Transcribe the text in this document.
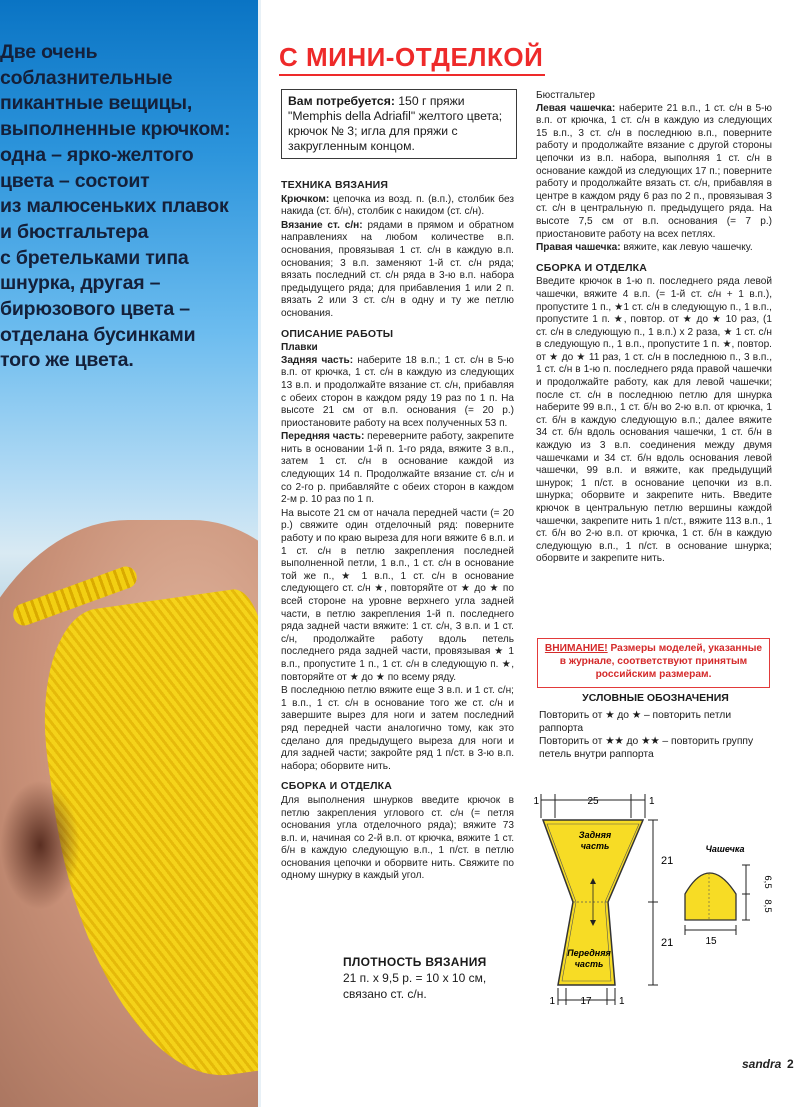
Две очень
соблазнительные
пикантные вещицы,
выполненные крючком:
одна – ярко-желтого
цвета – состоит
из малюсеньких плавок
и бюстгальтера
с бретельками типа
шнурка, другая –
бирюзового цвета –
отделана бусинками
того же цвета.
С МИНИ-ОТДЕЛКОЙ
Вам потребуется: 150 г пряжи "Memphis della Adriafil" желтого цвета; крючок № 3; игла для пряжи с закругленным концом.
ТЕХНИКА ВЯЗАНИЯ

Крючком: цепочка из возд. п. (в.п.), столбик без накида (ст. б/н), столбик с накидом (ст. с/н).

Вязание ст. с/н: рядами в прямом и обратном направлениях на любом количестве в.п. основания, провязывая 1 ст. с/н в каждую в.п. основания; 3 в.п. заменяют 1-й ст. с/н ряда; вязать последний ст. с/н ряда в 3-ю в.п. набора предыдущего ряда; для прибавления 1 или 2 п. вязать 2 или 3 ст. с/н в одну и ту же петлю основания.

ОПИСАНИЕ РАБОТЫ
Плавки

Задняя часть: наберите 18 в.п.; 1 ст. с/н в 5-ю в.п. от крючка, 1 ст. с/н в каждую из следующих 13 в.п. и продолжайте вязание ст. с/н, прибавляя с обеих сторон в каждом ряду 19 раз по 1 п. На высоте 21 см от в.п. основания (= 20 р.) приостановите работу на всех полученных 53 п.

Передняя часть: переверните работу, закрепите нить в основании 1-й п. 1-го ряда, вяжите 3 в.п., затем 1 ст. с/н в основание каждой из следующих 14 п. Продолжайте вязание ст. с/н и со 2-го р. прибавляйте с обеих сторон в каждом 2-м р. 10 раз по 1 п.

На высоте 21 см от начала передней части (= 20 р.) свяжите один отделочный ряд: поверните работу и по краю выреза для ноги вяжите 6 в.п. и 1 ст. с/н в петлю закрепления последней выполненной петли, 1 в.п., 1 ст. с/н в основание той же п., ★ 1 в.п., 1 ст. с/н в основание следующего ст. с/н ★, повторяйте от ★ до ★ по всей стороне на уровне верхнего угла задней части, в петлю закрепления 1-й п. последнего ряда задней части вяжите: 1 ст. с/н, 3 в.п. и 1 ст. с/н, продолжайте работу вдоль петель последнего ряда задней части, провязывая ★ 1 в.п., пропустите 1 п., 1 ст. с/н в следующую п. ★, повторяйте от ★ до ★ по всему ряду.

В последнюю петлю вяжите еще 3 в.п. и 1 ст. с/н; 1 в.п., 1 ст. с/н в основание того же ст. с/н и завершите вырез для ноги и затем последний ряд передней части аналогично тому, как это сделано для предыдущего выреза для ноги и для задней части; закройте ряд 1 п/ст. в 3-ю в.п. набора; оборвите нить.

СБОРКА И ОТДЕЛКА

Для выполнения шнурков введите крючок в петлю закрепления углового ст. с/н (= петля основания угла отделочного ряда); вяжите 73 в.п. и, начиная со 2-й в.п. от крючка, вяжите 1 ст. б/н в каждую следующую в.п., 1 п/ст. в петлю основания цепочки и оборвите нить. Свяжите по одному шнурку в каждый угол.

ПЛОТНОСТЬ ВЯЗАНИЯ
21 п. х 9,5 р. = 10 х 10 см,
связано ст. с/н.
Бюстгальтер

Левая чашечка: наберите 21 в.п., 1 ст. с/н в 5-ю в.п. от крючка, 1 ст. с/н в каждую из следующих 15 в.п., 3 ст. с/н в последнюю в.п., поверните работу и продолжайте вязание с другой стороны цепочки из в.п. набора, выполняя 1 ст. с/н в основание каждой из следующих 17 п.; поверните работу и продолжайте вязать ст. с/н, прибавляя в центре в каждом ряду 6 раз по 2 п., провязывая 3 ст. с/н в центральную п. предыдущего ряда. На высоте 7,5 см от в.п. основания (= 7 р.) приостановите работу на всех петлях.

Правая чашечка: вяжите, как левую чашечку.

СБОРКА И ОТДЕЛКА

Введите крючок в 1-ю п. последнего ряда левой чашечки, вяжите 4 в.п. (= 1-й ст. с/н + 1 в.п.), пропустите 1 п., ★1 ст. с/н в следующую п., 1 в.п., пропустите 1 п. ★, повтор. от ★ до ★ 10 раз, (1 ст. с/н в следующую п., 1 в.п.) х 2 раза, ★ 1 ст. с/н в следующую п., 1 в.п., пропустите 1 п. ★, повтор. от ★ до ★ 11 раз, 1 ст. с/н в последнюю п., 3 в.п., 1 ст. с/н в 1-ю п. последнего ряда правой чашечки и продолжайте работу, как для левой чашечки; после ст. с/н в последнюю петлю для шнурка наберите 99 в.п., 1 ст. б/н во 2-ю в.п. от крючка, 1 ст. б/н в каждую следующую в.п.; далее вяжите 34 ст. б/н вдоль основания чашечки, 1 ст. б/н в каждую из 3 в.п. соединения между двумя чашечками и 34 ст. б/н вдоль основания левой чашечки, 99 в.п. и вяжите, как предыдущий шнурок; 1 п/ст. в основание цепочки из в.п. шнурка; оборвите и закрепите нить. Введите крючок в центральную петлю вершины каждой чашечки, закрепите нить 1 п/ст., вяжите 113 в.п., 1 ст. б/н во 2-ю в.п. от крючка, 1 ст. б/н в каждую следующую в.п., 1 п/ст. в основание шнурка; оборвите и закрепите нить.

ВНИМАНИЕ! Размеры моделей, указанные в журнале, соответствуют принятым российским размерам.
УСЛОВНЫЕ ОБОЗНАЧЕНИЯ
Повторить от ★ до ★ – повторить петли раппорта
Повторить от ★★ до ★★ – повторить группу петель внутри раппорта
1	25	1
Задняя
часть
Передняя
часть
21
21
1	17	1
Чашечка
6,5
8,5
15
sandra 2
